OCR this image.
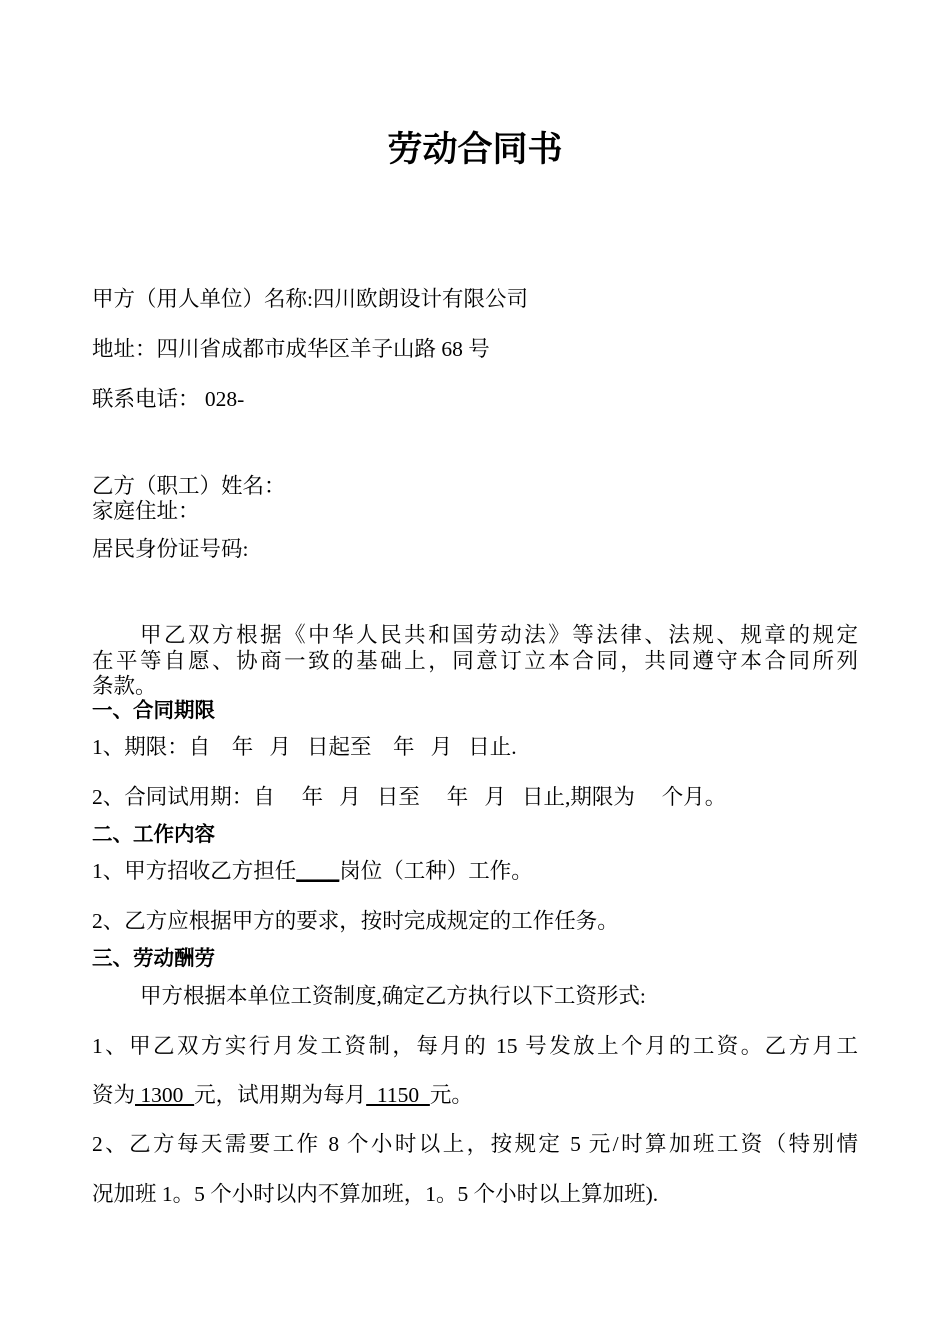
劳动合同书
甲方（用人单位）名称:四川欧朗设计有限公司
地址：四川省成都市成华区羊子山路 68 号
联系电话： 028-
乙方（职工）姓名：
家庭住址：
居民身份证号码:
甲乙双方根据《中华人民共和国劳动法》等法律、法规、规章的规定
在平等自愿、协商一致的基础上，同意订立本合同，共同遵守本合同所列
条款。
一、合同期限
1、期限：自    年   月   日起至    年   月   日止.
2、合同试用期：自     年   月   日至     年   月   日止,期限为     个月。
二、工作内容
1、甲方招收乙方担任____岗位（工种）工作。
2、乙方应根据甲方的要求，按时完成规定的工作任务。
三、劳动酬劳
甲方根据本单位工资制度,确定乙方执行以下工资形式:
1、甲乙双方实行月发工资制，每月的 15 号发放上个月的工资。乙方月工
资为 1300  元，试用期为每月  1150  元。
2、乙方每天需要工作 8 个小时以上，按规定 5 元/时算加班工资（特别情
况加班 1。5 个小时以内不算加班，1。5 个小时以上算加班).
